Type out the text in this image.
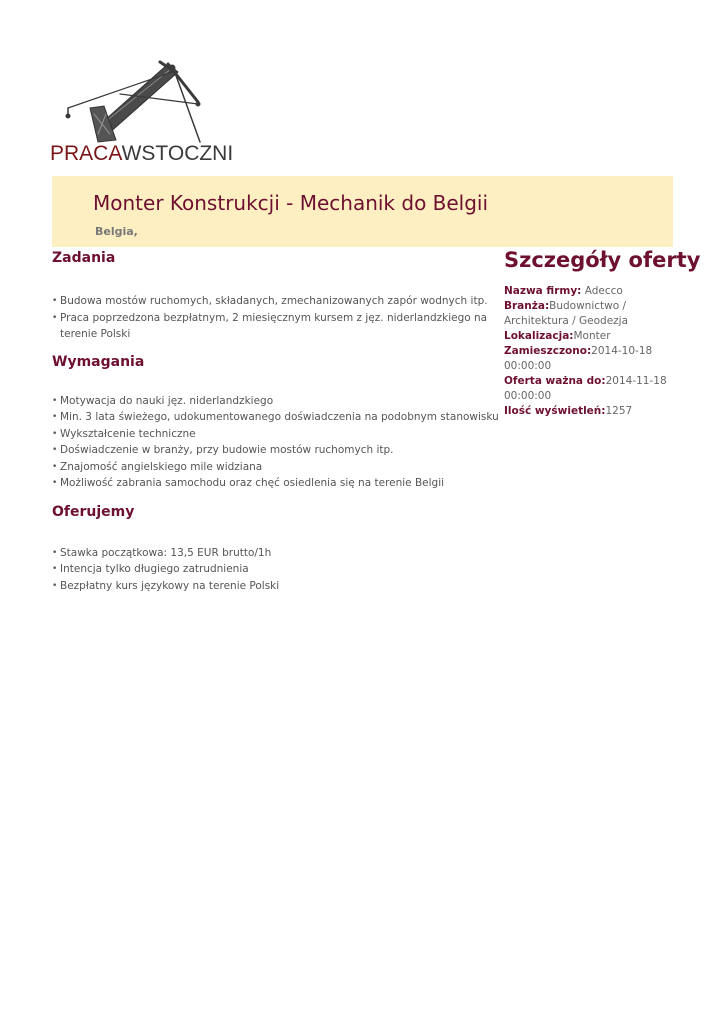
PRACAWSTOCZNI
Monter Konstrukcji - Mechanik do Belgii
Belgia,
Zadania
• Budowa mostów ruchomych, składanych, zmechanizowanych zapór wodnych itp.
• Praca poprzedzona bezpłatnym, 2 miesięcznym kursem z jęz. niderlandzkiego na terenie Polski
Wymagania
• Motywacja do nauki jęz. niderlandzkiego
• Min. 3 lata świeżego, udokumentowanego doświadczenia na podobnym stanowisku
• Wykształcenie techniczne
• Doświadczenie w branży, przy budowie mostów ruchomych itp.
• Znajomość angielskiego mile widziana
• Możliwość zabrania samochodu oraz chęć osiedlenia się na terenie Belgii
Oferujemy
• Stawka początkowa: 13,5 EUR brutto/1h
• Intencja tylko długiego zatrudnienia
• Bezpłatny kurs językowy na terenie Polski
Szczegóły oferty
Nazwa firmy: Adecco
Branża:Budownictwo / Architektura / Geodezja
Lokalizacja:Monter
Zamieszczono:2014-10-18 00:00:00
Oferta ważna do:2014-11-18 00:00:00
Ilość wyświetleń:1257
